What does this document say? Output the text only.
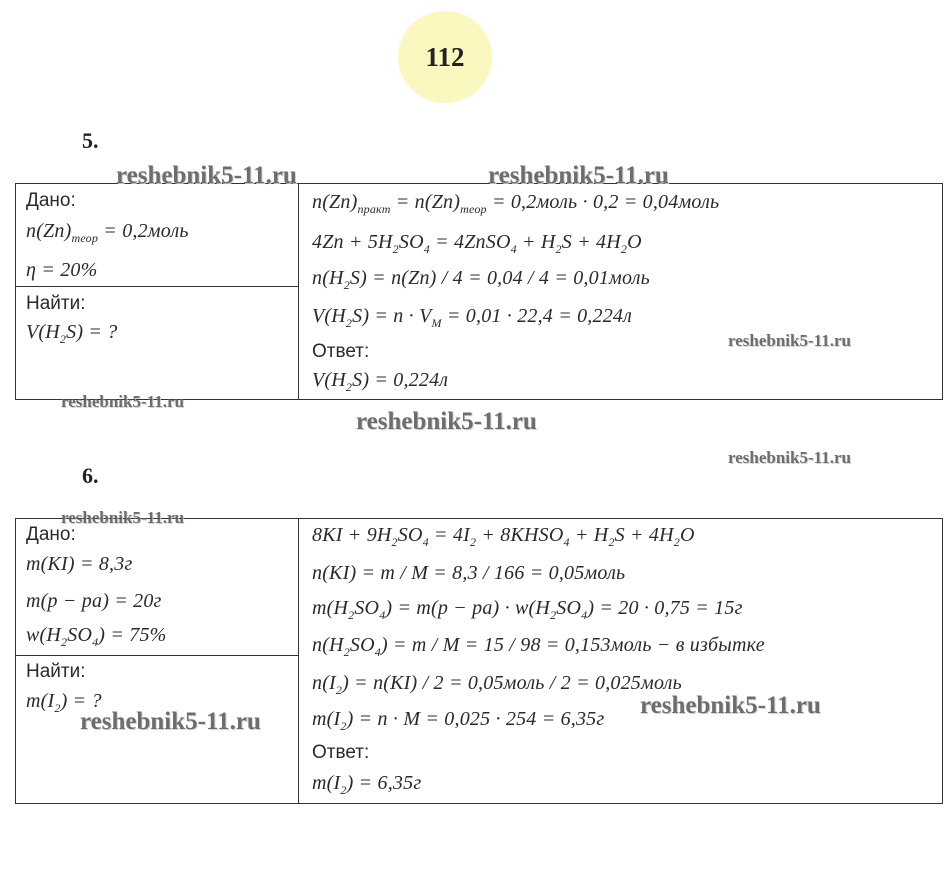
112
5.
Дано:
$n(Zn)_{теор}$ = 0,2моль
η = 20%
Найти:
$V(H_2S)$ = ?
$n(Zn)_{практ} = n(Zn)_{теор}$ = 0,2моль · 0,2 = 0,04моль
$4Zn + 5H_2SO_4$ = 4ZnSO$_4$ + $H_2S + 4H_2O$
$n(H_2S) = n(Zn) / 4 = 0,04 / 4$ = 0,01моль
$V(H_2S) = n \cdot V_M = 0,01 \cdot 22,4 = 0,224л$
Ответ:
$V(H_2S) = 0,224л$
6.
Дано:
m(KI) = 8,3г
m(р − ра) = 20г
$w(H_2SO_4) = 75\%$
Найти:
$m(I_2)$ = ?
$8KI + 9H_2SO_4 = 4I_2$ + $8KHSO_4 + H_2S + 4H_2O$
n(KI) = m / M = 8,3 / 166 = 0,05моль
$m(H_2SO_4) = m(р - ра) \cdot w(H_2SO_4) = 20 \cdot 0,75 = 15г$
$n(H_2SO_4) = m / M = 15 / 98$ = 0,153моль − в избытке
$n(I_2) = n(KI) / 2$ = 0,05моль / 2 = 0,025моль
$m(I_2) = n \cdot M = 0,025 \cdot 254 = 6,35г$
Ответ:
$m(I_2) = 6,35г$
reshebnik5-11.ru	reshebnik5-11.ru
reshebnik5-11.ru
reshebnik5-11.ru
reshebnik5-11.ru
reshebnik5-11.ru
reshebnik5-11.ru
reshebnik5-11.ru
reshebnik5-11.ru
